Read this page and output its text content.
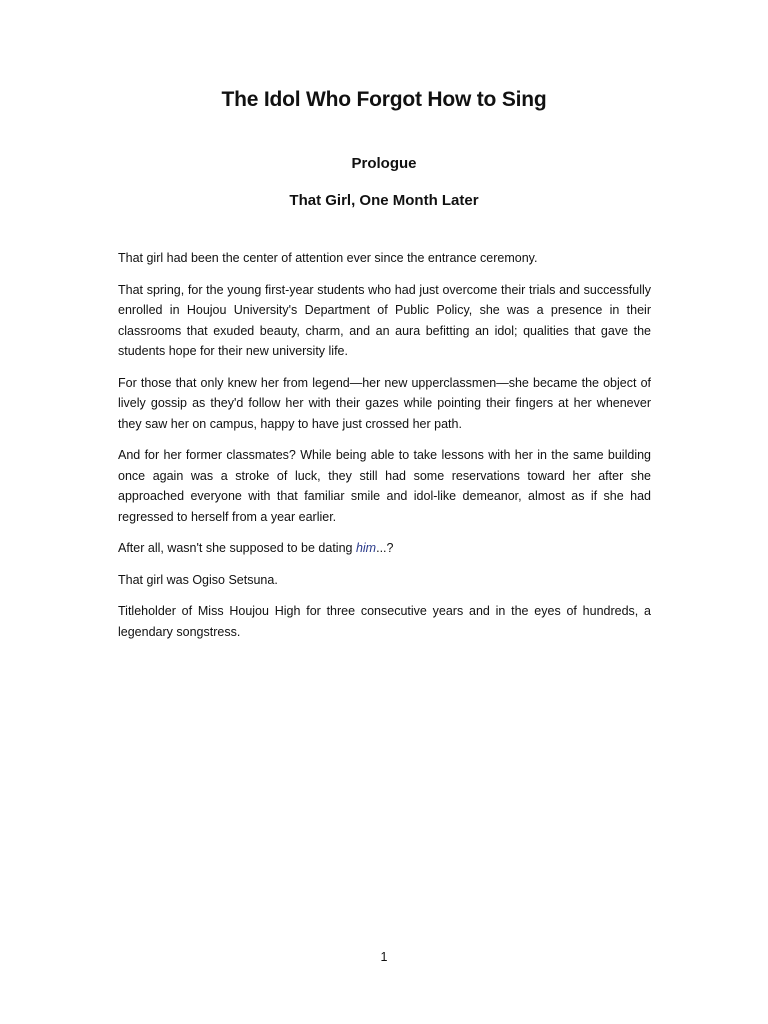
The Idol Who Forgot How to Sing
Prologue
That Girl, One Month Later

That girl had been the center of attention ever since the entrance ceremony.

That spring, for the young first-year students who had just overcome their trials and successfully enrolled in Houjou University's Department of Public Policy, she was a presence in their classrooms that exuded beauty, charm, and an aura befitting an idol; qualities that gave the students hope for their new university life.

For those that only knew her from legend—her new upperclassmen—she became the object of lively gossip as they'd follow her with their gazes while pointing their fingers at her whenever they saw her on campus, happy to have just crossed her path.

And for her former classmates? While being able to take lessons with her in the same building once again was a stroke of luck, they still had some reservations toward her after she approached everyone with that familiar smile and idol-like demeanor, almost as if she had regressed to herself from a year earlier.

After all, wasn't she supposed to be dating him...?

That girl was Ogiso Setsuna.

Titleholder of Miss Houjou High for three consecutive years and in the eyes of hundreds, a legendary songstress.

1
